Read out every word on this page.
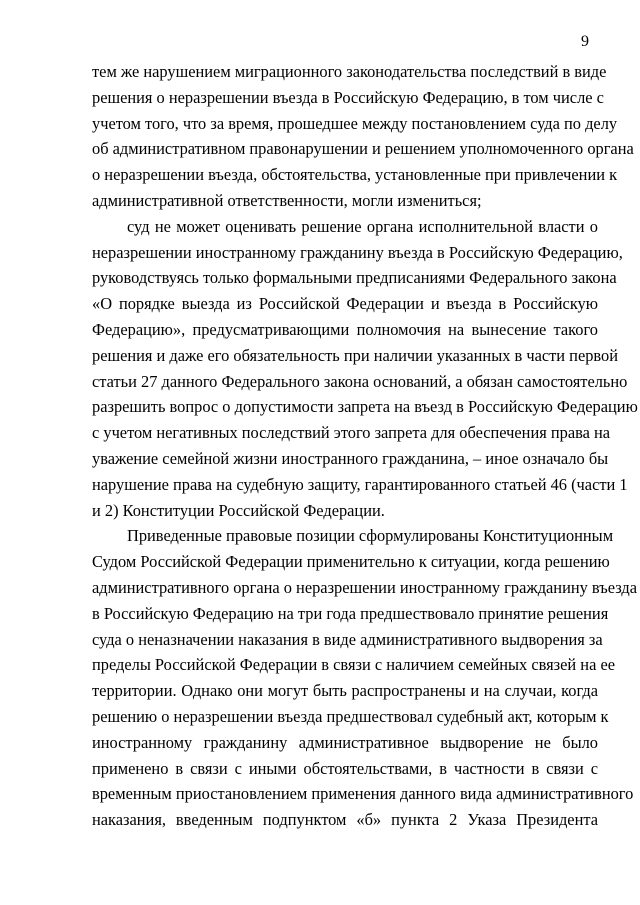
9
тем же нарушением миграционного законодательства последствий в виде
решения о неразрешении въезда в Российскую Федерацию, в том числе с
учетом того, что за время, прошедшее между постановлением суда по делу
об административном правонарушении и решением уполномоченного органа
о неразрешении въезда, обстоятельства, установленные при привлечении к
административной ответственности, могли измениться;
суд не может оценивать решение органа исполнительной власти о
неразрешении иностранному гражданину въезда в Российскую Федерацию,
руководствуясь только формальными предписаниями Федерального закона
«О порядке выезда из Российской Федерации и въезда в Российскую
Федерацию», предусматривающими полномочия на вынесение такого
решения и даже его обязательность при наличии указанных в части первой
статьи 27 данного Федерального закона оснований, а обязан самостоятельно
разрешить вопрос о допустимости запрета на въезд в Российскую Федерацию
с учетом негативных последствий этого запрета для обеспечения права на
уважение семейной жизни иностранного гражданина, – иное означало бы
нарушение права на судебную защиту, гарантированного статьей 46 (части 1
и 2) Конституции Российской Федерации.
Приведенные правовые позиции сформулированы Конституционным
Судом Российской Федерации применительно к ситуации, когда решению
административного органа о неразрешении иностранному гражданину въезда
в Российскую Федерацию на три года предшествовало принятие решения
суда о неназначении наказания в виде административного выдворения за
пределы Российской Федерации в связи с наличием семейных связей на ее
территории. Однако они могут быть распространены и на случаи, когда
решению о неразрешении въезда предшествовал судебный акт, которым к
иностранному гражданину административное выдворение не было
применено в связи с иными обстоятельствами, в частности в связи с
временным приостановлением применения данного вида административного
наказания, введенным подпунктом «б» пункта 2 Указа Президента
